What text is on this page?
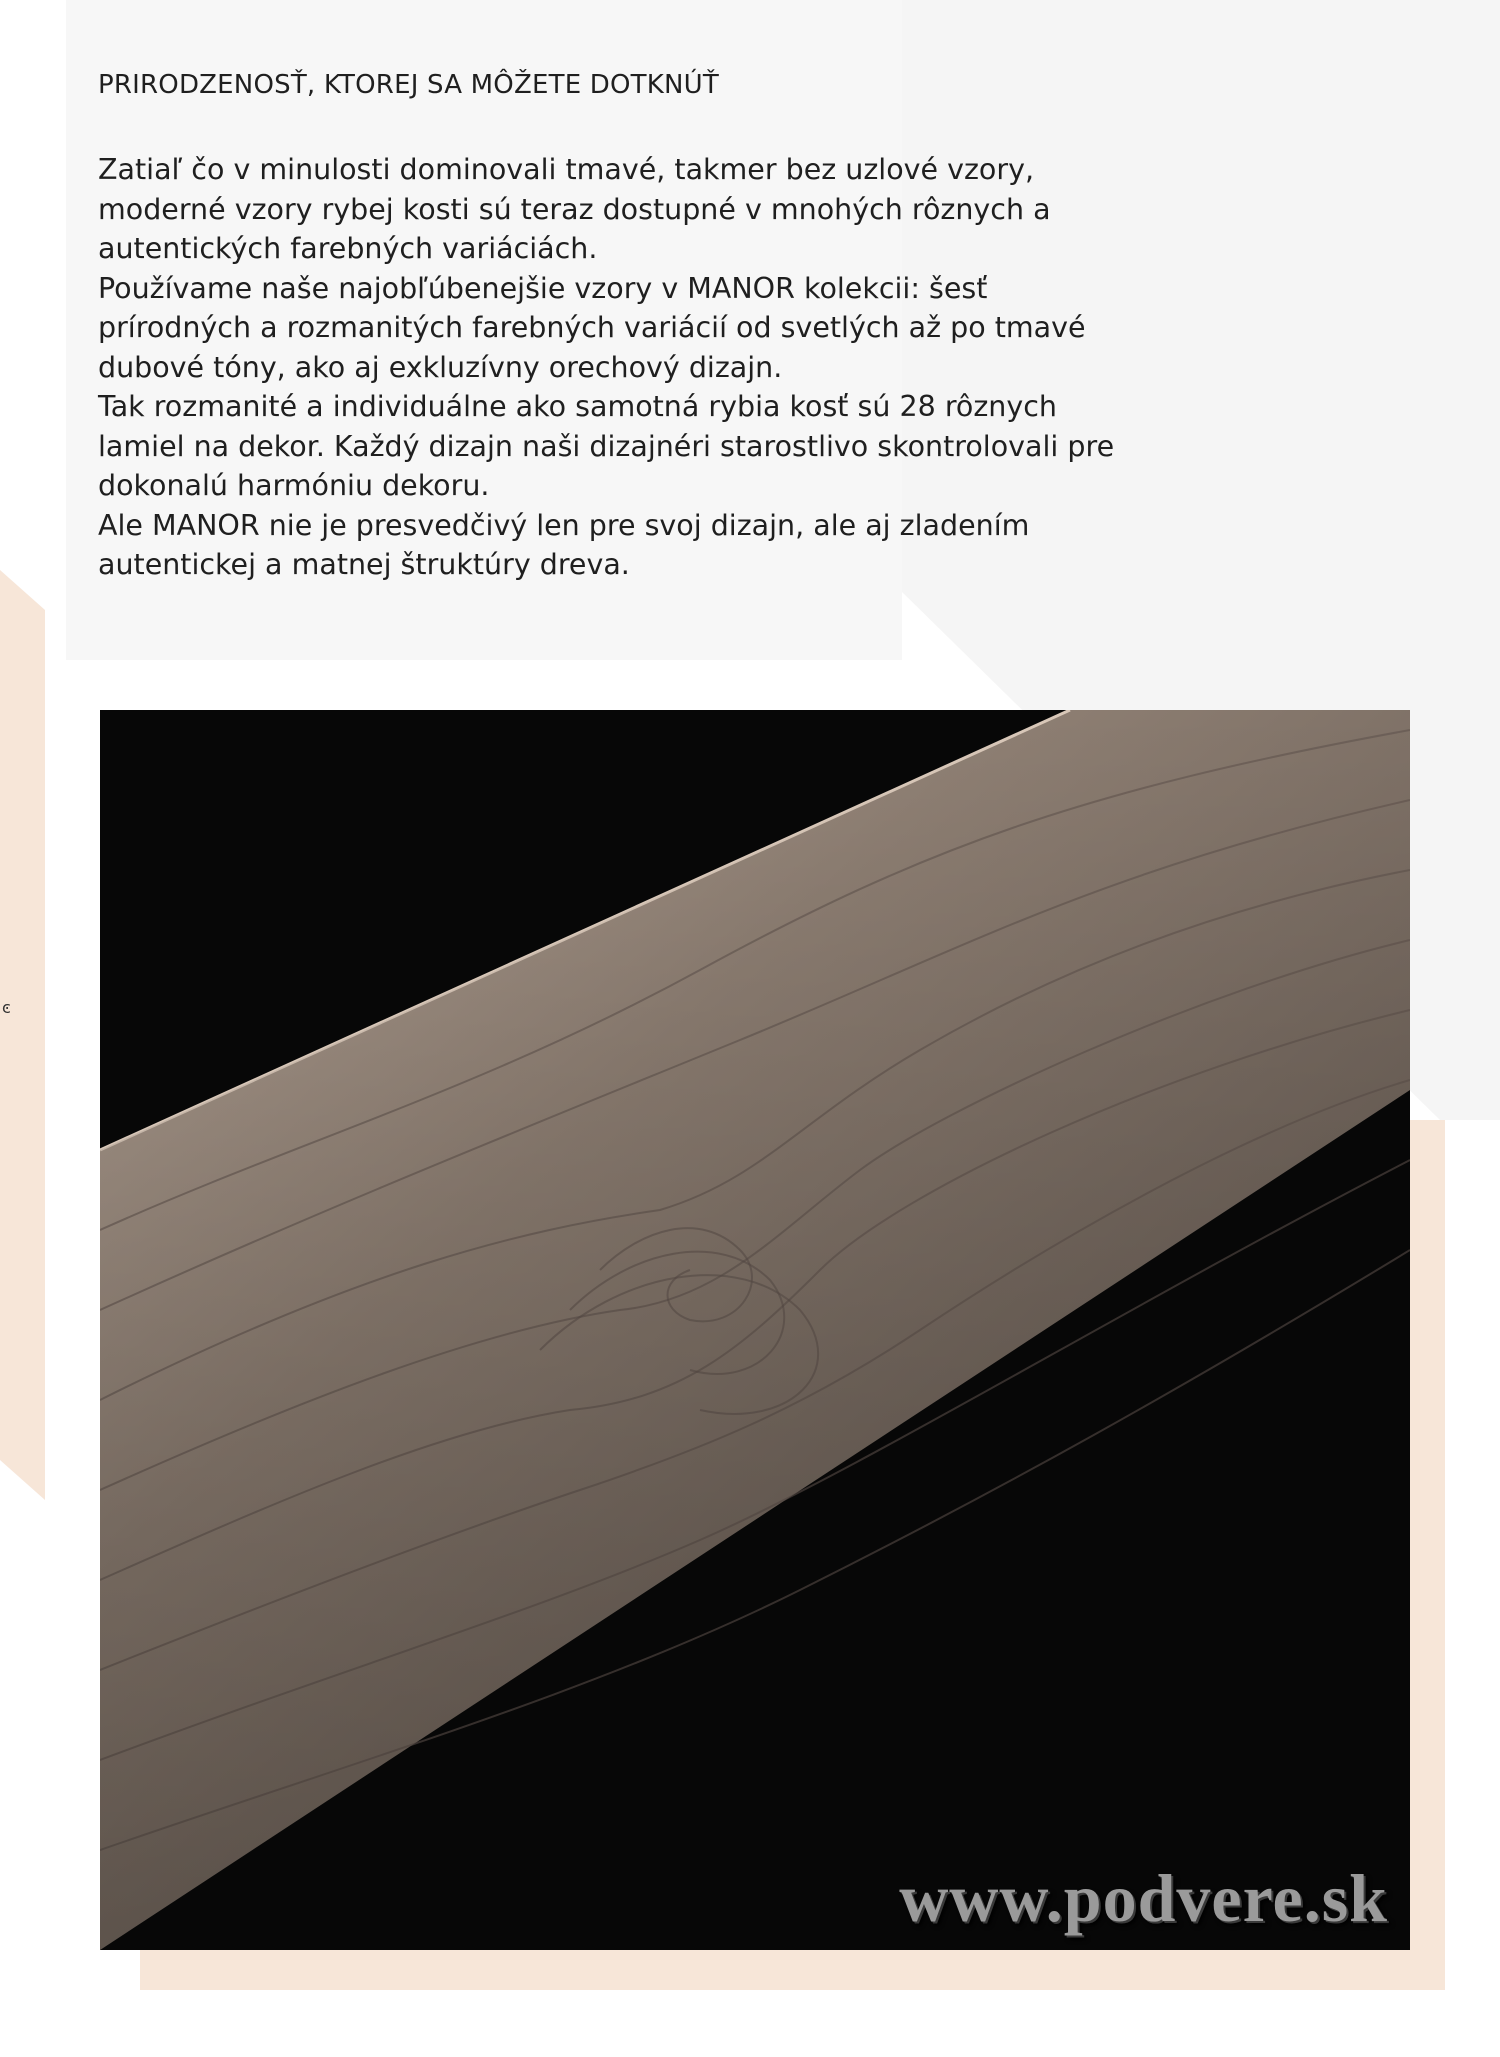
PRIRODZENOSŤ, KTOREJ SA MÔŽETE DOTKNÚŤ

Zatiaľ čo v minulosti dominovali tmavé, takmer bez uzlové vzory, moderné vzory rybej kosti sú teraz dostupné v mnohých rôznych a autentických farebných variáciách.

Používame naše najobľúbenejšie vzory v MANOR kolekcii: šesť prírodných a rozmanitých farebných variácií od svetlých až po tmavé dubové tóny, ako aj exkluzívny orechový dizajn.

Tak rozmanité a individuálne ako samotná rybia kosť sú 28 rôznych lamiel na dekor. Každý dizajn naši dizajnéri starostlivo skontrolovali pre dokonalú harmóniu dekoru.

Ale MANOR nie je presvedčivý len pre svoj dizajn, ale aj zladením autentickej a matnej štruktúry dreva.

ͼ
www.podvere.sk
